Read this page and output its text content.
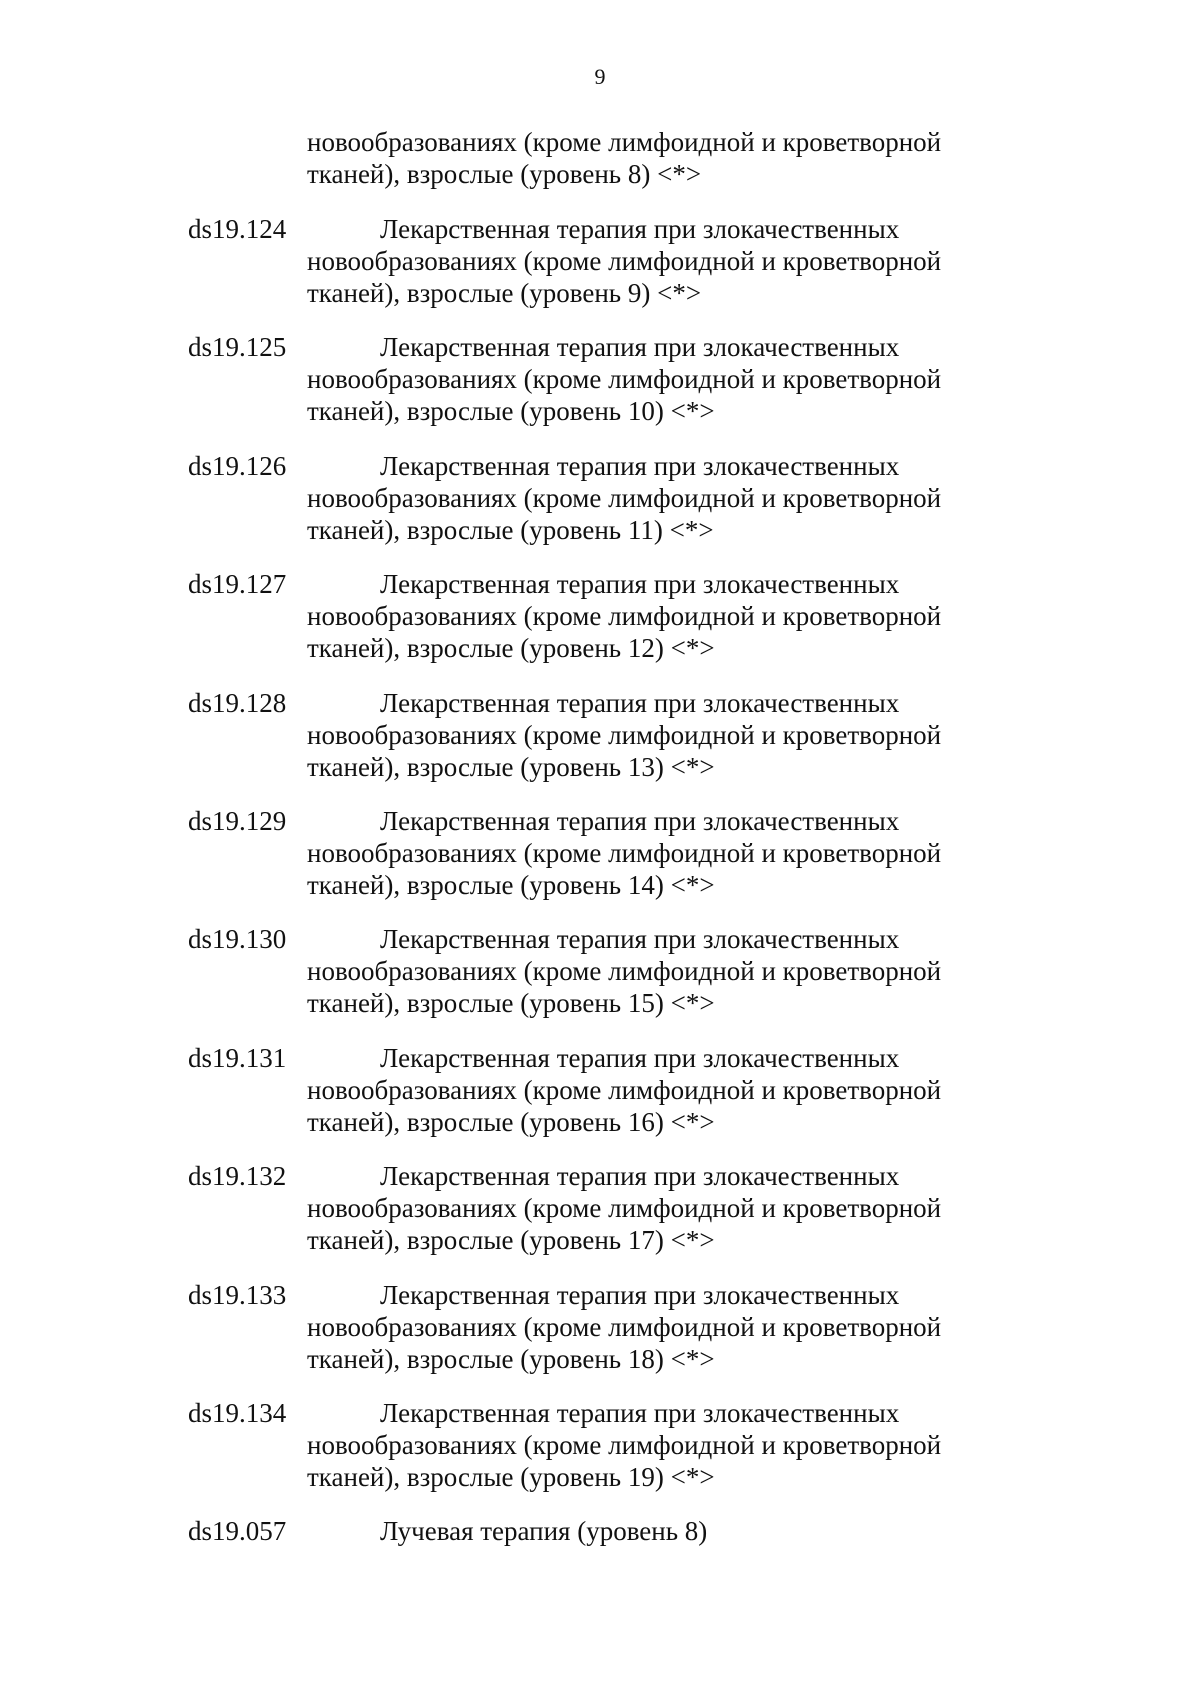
9
новообразованиях (кроме лимфоидной и кроветворной
тканей), взрослые (уровень 8) <*>
ds19.124	Лекарственная терапия при злокачественных
новообразованиях (кроме лимфоидной и кроветворной
тканей), взрослые (уровень 9) <*>
ds19.125	Лекарственная терапия при злокачественных
новообразованиях (кроме лимфоидной и кроветворной
тканей), взрослые (уровень 10) <*>
ds19.126	Лекарственная терапия при злокачественных
новообразованиях (кроме лимфоидной и кроветворной
тканей), взрослые (уровень 11) <*>
ds19.127	Лекарственная терапия при злокачественных
новообразованиях (кроме лимфоидной и кроветворной
тканей), взрослые (уровень 12) <*>
ds19.128	Лекарственная терапия при злокачественных
новообразованиях (кроме лимфоидной и кроветворной
тканей), взрослые (уровень 13) <*>
ds19.129	Лекарственная терапия при злокачественных
новообразованиях (кроме лимфоидной и кроветворной
тканей), взрослые (уровень 14) <*>
ds19.130	Лекарственная терапия при злокачественных
новообразованиях (кроме лимфоидной и кроветворной
тканей), взрослые (уровень 15) <*>
ds19.131	Лекарственная терапия при злокачественных
новообразованиях (кроме лимфоидной и кроветворной
тканей), взрослые (уровень 16) <*>
ds19.132	Лекарственная терапия при злокачественных
новообразованиях (кроме лимфоидной и кроветворной
тканей), взрослые (уровень 17) <*>
ds19.133	Лекарственная терапия при злокачественных
новообразованиях (кроме лимфоидной и кроветворной
тканей), взрослые (уровень 18) <*>
ds19.134	Лекарственная терапия при злокачественных
новообразованиях (кроме лимфоидной и кроветворной
тканей), взрослые (уровень 19) <*>
ds19.057	Лучевая терапия (уровень 8)
